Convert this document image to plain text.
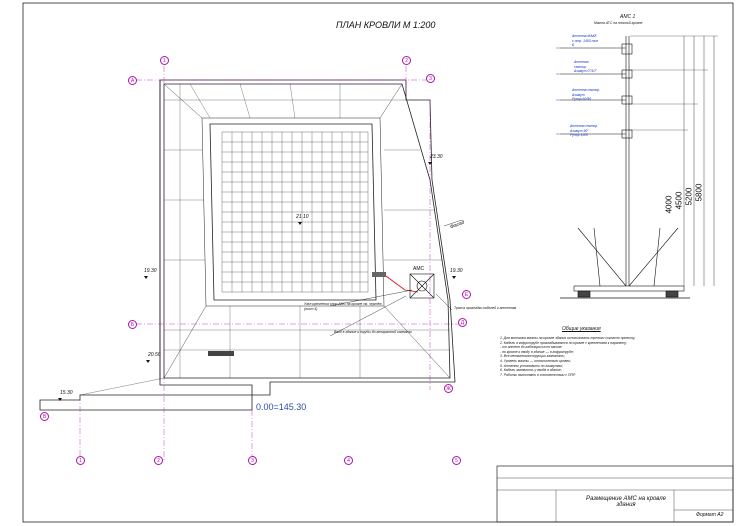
ПЛАН КРОВЛИ М 1:200
0.00=145.30
Размещение АМС на кровле здания
Формат А2
23.30
21.10
19.30	19.30
20.50
15.30
Фасад
АМС
Узел крепления опор АМС на кровле см. чертёж (лист 4)
Ввод в здание и трубы до аппаратной комнаты
Трасса прокладки кабелей к антеннам
1	2
3
А
Б
В
Д
Е
Ж
1	2	3	4	5
АМС 1
Мачта АТС на плоской кровле
Антенна МАКЕ
с отр. 1400 тип
Б
Антенна
сектор.
Азимут 0°/10°
Антенна сектор.
Азимут
Рупор 60/90
Антенна сектор.
Азимут 90°
Рупор 1100
4000 4500 5200 5800
Общие указания

1. Для монтажа мачты на кровле здания использовать треноги согласно проекту;

2. Кабели в гофротрубе прокладываются по кровле с креплением к парапету;

- от антенн до кабельросса по мачте;

- по кровле к вводу в здание — в гофротрубе;

3. Все металлоконструкции заземлить;

4. Уровень мачты — относительно кровли;

5. Антенны установить по азимутам;

6. Кабели заземлить у ввода в здание;

7. Работы выполнять в соответствии с ППР.
